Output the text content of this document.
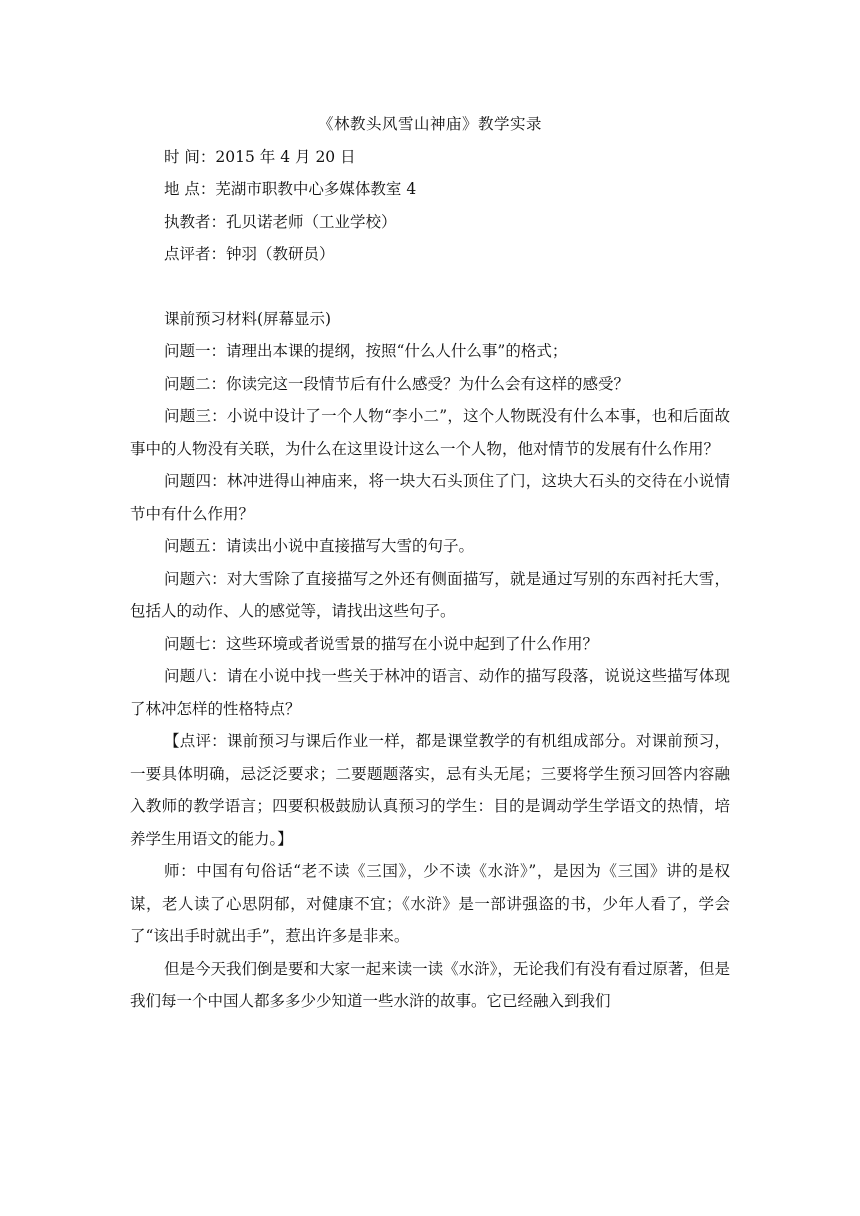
《林教头风雪山神庙》教学实录

时 间：2015 年 4 月 20 日

地 点：芜湖市职教中心多媒体教室 4

执教者：孔贝诺老师（工业学校）

点评者：钟羽（教研员）

课前预习材料(屏幕显示)

问题一：请理出本课的提纲，按照“什么人什么事”的格式；

问题二：你读完这一段情节后有什么感受？为什么会有这样的感受？

问题三：小说中设计了一个人物“李小二”，这个人物既没有什么本事，也和后面故事中的人物没有关联，为什么在这里设计这么一个人物，他对情节的发展有什么作用？

问题四：林冲进得山神庙来，将一块大石头顶住了门，这块大石头的交待在小说情节中有什么作用？

问题五：请读出小说中直接描写大雪的句子。

问题六：对大雪除了直接描写之外还有侧面描写，就是通过写别的东西衬托大雪，包括人的动作、人的感觉等，请找出这些句子。

问题七：这些环境或者说雪景的描写在小说中起到了什么作用？

问题八：请在小说中找一些关于林冲的语言、动作的描写段落，说说这些描写体现了林冲怎样的性格特点？

【点评：课前预习与课后作业一样，都是课堂教学的有机组成部分。对课前预习，一要具体明确，忌泛泛要求；二要题题落实，忌有头无尾；三要将学生预习回答内容融入教师的教学语言；四要积极鼓励认真预习的学生：目的是调动学生学语文的热情，培养学生用语文的能力。】

师：中国有句俗话“老不读《三国》，少不读《水浒》”，是因为《三国》讲的是权谋，老人读了心思阴郁，对健康不宜；《水浒》是一部讲强盗的书，少年人看了，学会了“该出手时就出手”，惹出许多是非来。

但是今天我们倒是要和大家一起来读一读《水浒》，无论我们有没有看过原著，但是我们每一个中国人都多多少少知道一些水浒的故事。它已经融入到我们
